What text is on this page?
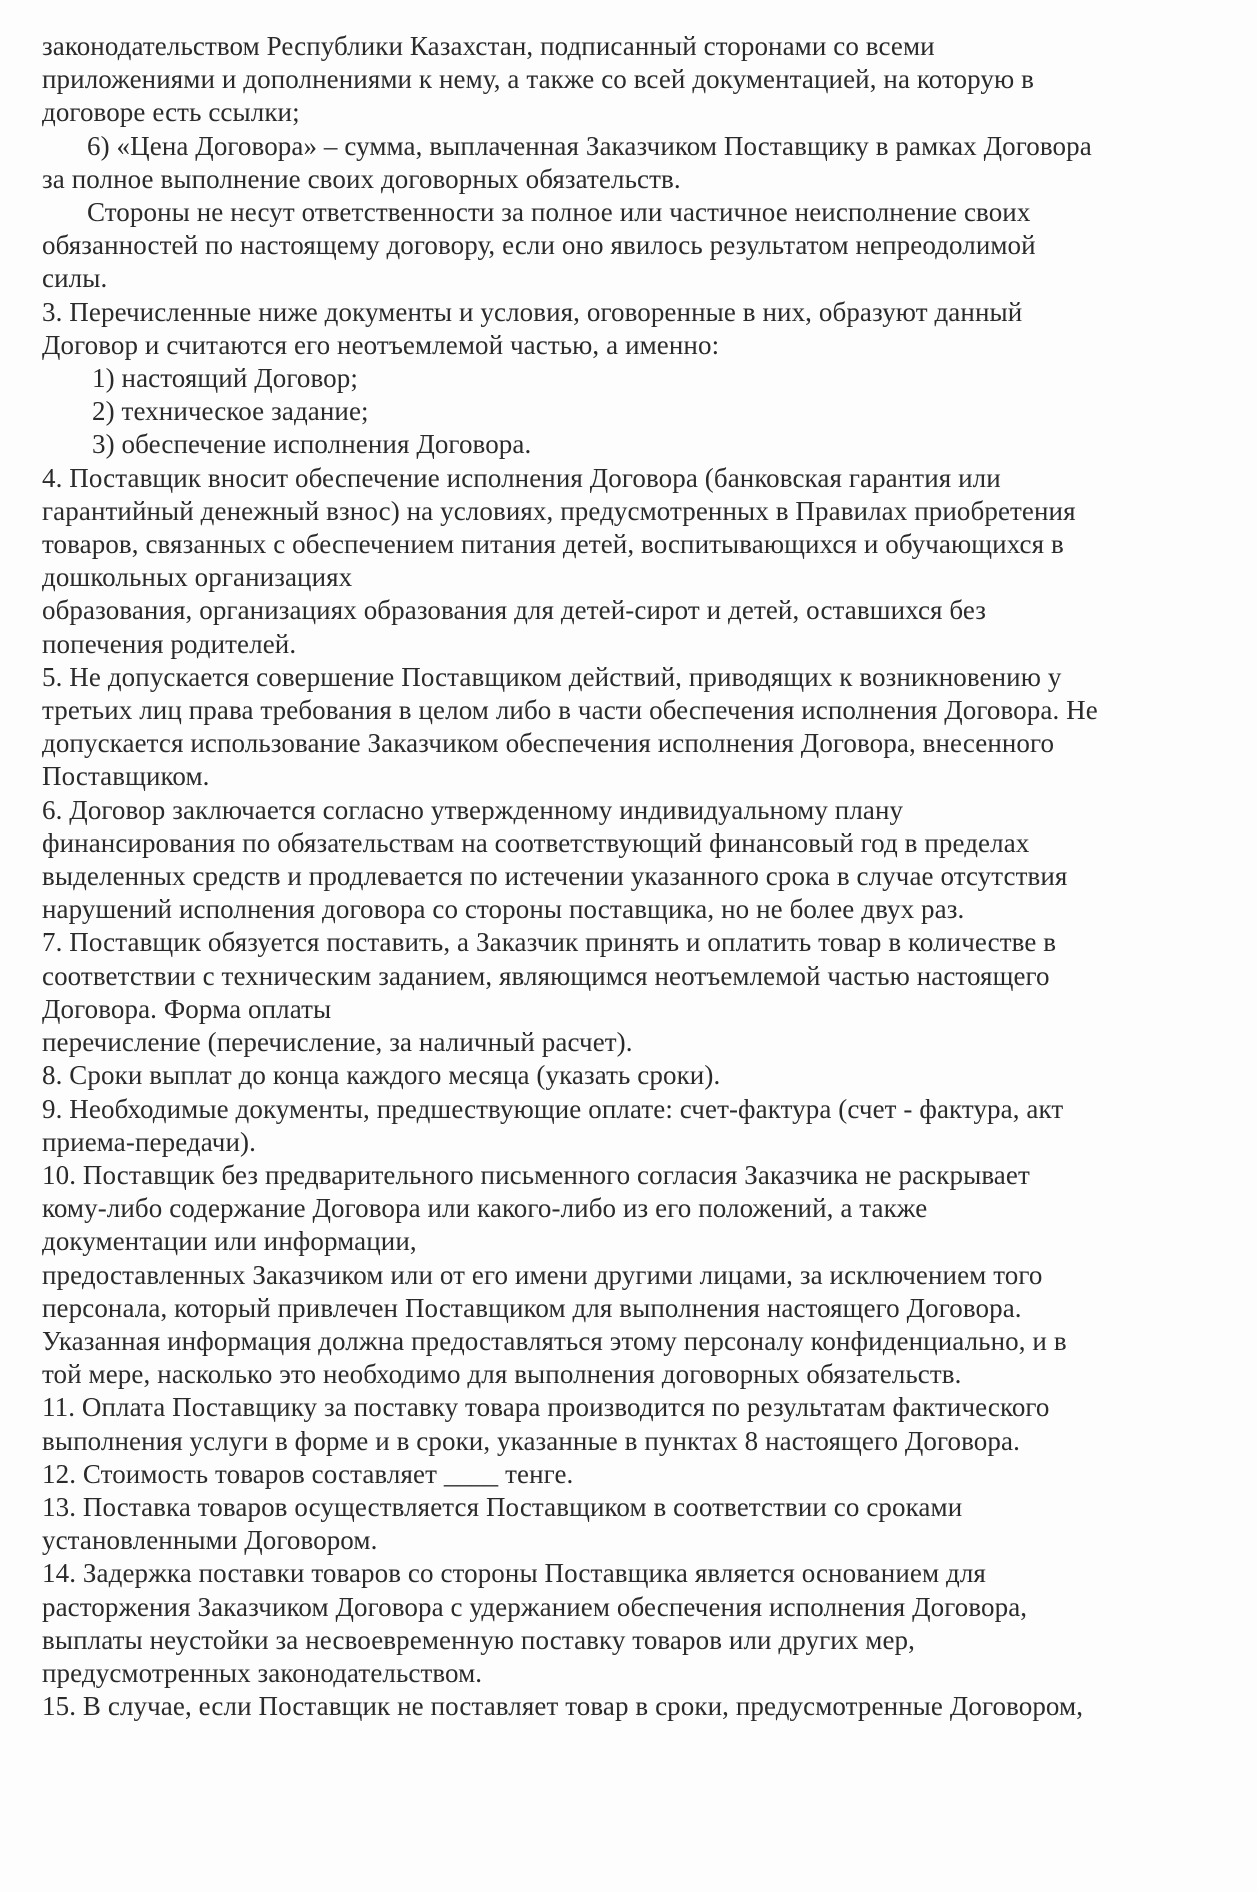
законодательством Республики Казахстан, подписанный сторонами со всеми
приложениями и дополнениями к нему, а также со всей документацией, на которую в
договоре есть ссылки;
6) «Цена Договора» – сумма, выплаченная Заказчиком Поставщику в рамках Договора
за полное выполнение своих договорных обязательств.
Стороны не несут ответственности за полное или частичное неисполнение своих
обязанностей по настоящему договору, если оно явилось результатом непреодолимой
силы.
3. Перечисленные ниже документы и условия, оговоренные в них, образуют данный
Договор и считаются его неотъемлемой частью, а именно:
1) настоящий Договор;
2) техническое задание;
3) обеспечение исполнения Договора.
4. Поставщик вносит обеспечение исполнения Договора (банковская гарантия или
гарантийный денежный взнос) на условиях, предусмотренных в Правилах приобретения
товаров, связанных с обеспечением питания детей, воспитывающихся и обучающихся в
дошкольных организациях
образования, организациях образования для детей-сирот и детей, оставшихся без
попечения родителей.
5. Не допускается совершение Поставщиком действий, приводящих к возникновению у
третьих лиц права требования в целом либо в части обеспечения исполнения Договора. Не
допускается использование Заказчиком обеспечения исполнения Договора, внесенного
Поставщиком.
6. Договор заключается согласно утвержденному индивидуальному плану
финансирования по обязательствам на соответствующий финансовый год в пределах
выделенных средств и продлевается по истечении указанного срока в случае отсутствия
нарушений исполнения договора со стороны поставщика, но не более двух раз.
7. Поставщик обязуется поставить, а Заказчик принять и оплатить товар в количестве в
соответствии с техническим заданием, являющимся неотъемлемой частью настоящего
Договора. Форма оплаты
перечисление (перечисление, за наличный расчет).
8. Сроки выплат до конца каждого месяца (указать сроки).
9. Необходимые документы, предшествующие оплате: счет-фактура (счет - фактура, акт
приема-передачи).
10. Поставщик без предварительного письменного согласия Заказчика не раскрывает
кому-либо содержание Договора или какого-либо из его положений, а также
документации или информации,
предоставленных Заказчиком или от его имени другими лицами, за исключением того
персонала, который привлечен Поставщиком для выполнения настоящего Договора.
Указанная информация должна предоставляться этому персоналу конфиденциально, и в
той мере, насколько это необходимо для выполнения договорных обязательств.
11. Оплата Поставщику за поставку товара производится по результатам фактического
выполнения услуги в форме и в сроки, указанные в пунктах 8 настоящего Договора.
12. Стоимость товаров составляет ____ тенге.
13. Поставка товаров осуществляется Поставщиком в соответствии со сроками
установленными Договором.
14. Задержка поставки товаров со стороны Поставщика является основанием для
расторжения Заказчиком Договора с удержанием обеспечения исполнения Договора,
выплаты неустойки за несвоевременную поставку товаров или других мер,
предусмотренных законодательством.
15. В случае, если Поставщик не поставляет товар в сроки, предусмотренные Договором,
